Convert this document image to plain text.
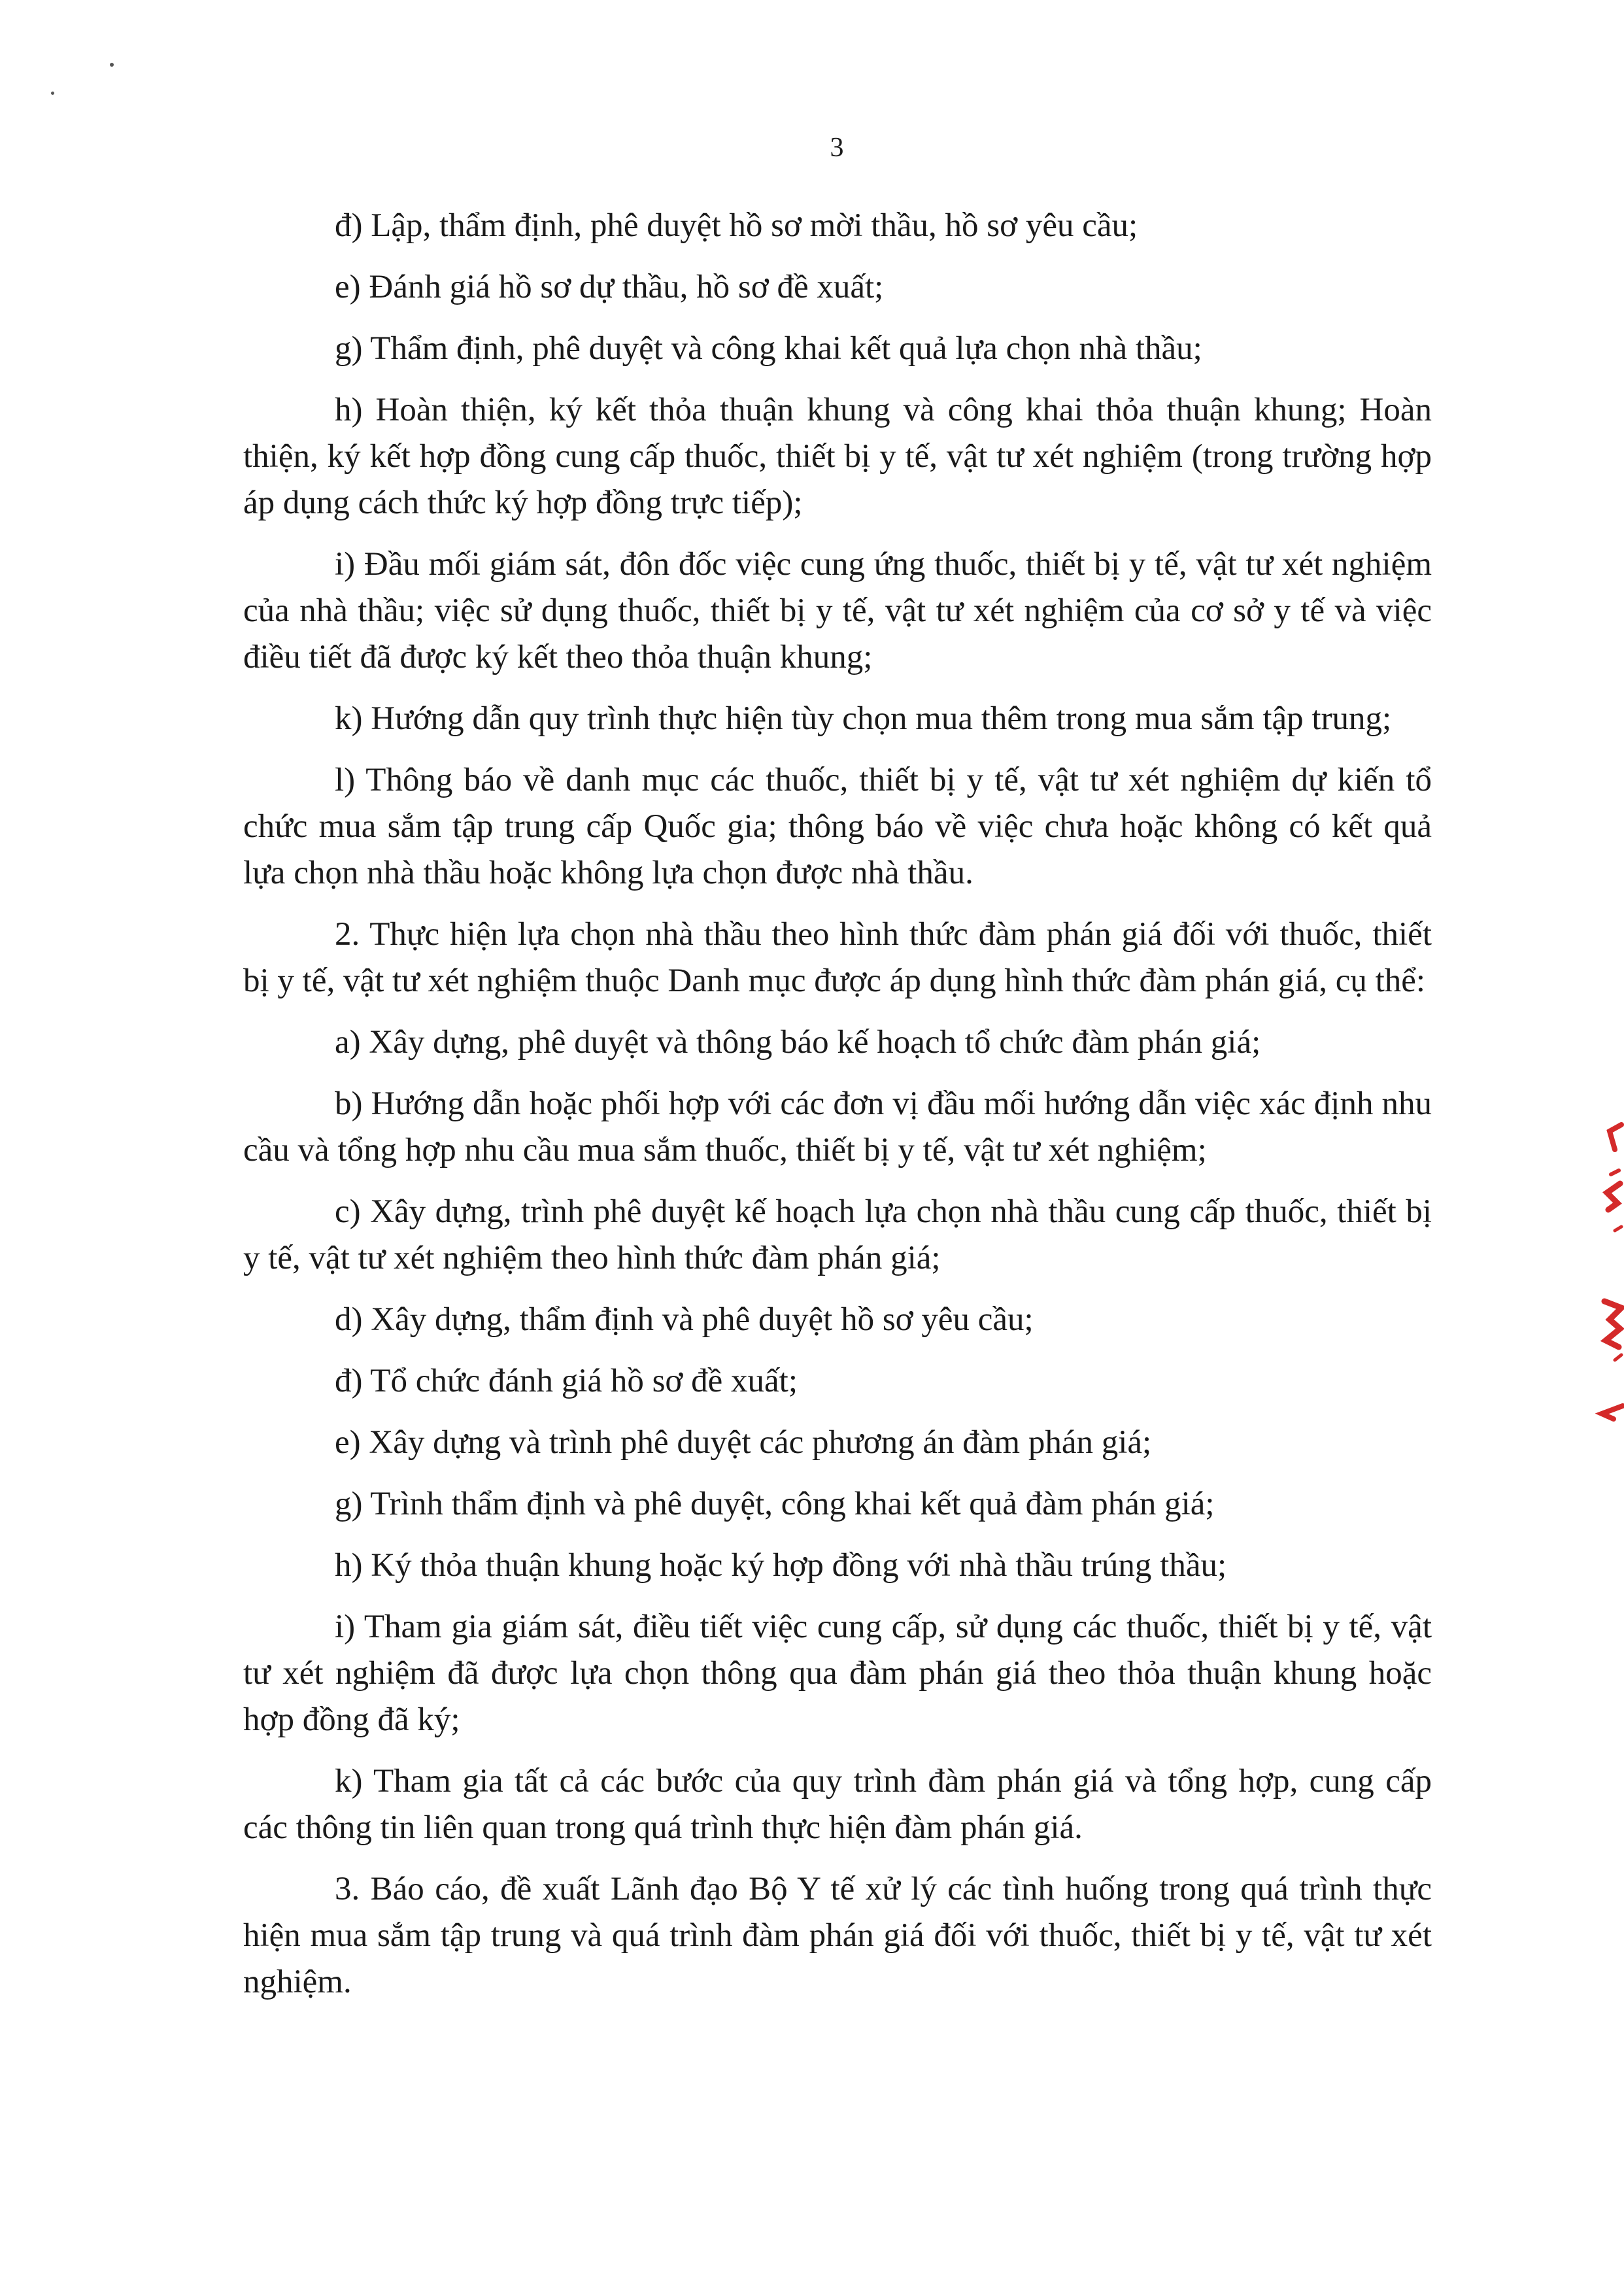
3

đ) Lập, thẩm định, phê duyệt hồ sơ mời thầu, hồ sơ yêu cầu;

e) Đánh giá hồ sơ dự thầu, hồ sơ đề xuất;

g) Thẩm định, phê duyệt và công khai kết quả lựa chọn nhà thầu;

h) Hoàn thiện, ký kết thỏa thuận khung và công khai thỏa thuận khung; Hoàn thiện, ký kết hợp đồng cung cấp thuốc, thiết bị y tế, vật tư xét nghiệm (trong trường hợp áp dụng cách thức ký hợp đồng trực tiếp);

i) Đầu mối giám sát, đôn đốc việc cung ứng thuốc, thiết bị y tế, vật tư xét nghiệm của nhà thầu; việc sử dụng thuốc, thiết bị y tế, vật tư xét nghiệm của cơ sở y tế và việc điều tiết đã được ký kết theo thỏa thuận khung;

k) Hướng dẫn quy trình thực hiện tùy chọn mua thêm trong mua sắm tập trung;

l) Thông báo về danh mục các thuốc, thiết bị y tế, vật tư xét nghiệm dự kiến tổ chức mua sắm tập trung cấp Quốc gia; thông báo về việc chưa hoặc không có kết quả lựa chọn nhà thầu hoặc không lựa chọn được nhà thầu.

2. Thực hiện lựa chọn nhà thầu theo hình thức đàm phán giá đối với thuốc, thiết bị y tế, vật tư xét nghiệm thuộc Danh mục được áp dụng hình thức đàm phán giá, cụ thể:

a) Xây dựng, phê duyệt và thông báo kế hoạch tổ chức đàm phán giá;

b) Hướng dẫn hoặc phối hợp với các đơn vị đầu mối hướng dẫn việc xác định nhu cầu và tổng hợp nhu cầu mua sắm thuốc, thiết bị y tế, vật tư xét nghiệm;

c) Xây dựng, trình phê duyệt kế hoạch lựa chọn nhà thầu cung cấp thuốc, thiết bị y tế, vật tư xét nghiệm theo hình thức đàm phán giá;

d) Xây dựng, thẩm định và phê duyệt hồ sơ yêu cầu;

đ) Tổ chức đánh giá hồ sơ đề xuất;

e) Xây dựng và trình phê duyệt các phương án đàm phán giá;

g) Trình thẩm định và phê duyệt, công khai kết quả đàm phán giá;

h) Ký thỏa thuận khung hoặc ký hợp đồng với nhà thầu trúng thầu;

i) Tham gia giám sát, điều tiết việc cung cấp, sử dụng các thuốc, thiết bị y tế, vật tư xét nghiệm đã được lựa chọn thông qua đàm phán giá theo thỏa thuận khung hoặc hợp đồng đã ký;

k) Tham gia tất cả các bước của quy trình đàm phán giá và tổng hợp, cung cấp các thông tin liên quan trong quá trình thực hiện đàm phán giá.

3. Báo cáo, đề xuất Lãnh đạo Bộ Y tế xử lý các tình huống trong quá trình thực hiện mua sắm tập trung và quá trình đàm phán giá đối với thuốc, thiết bị y tế, vật tư xét nghiệm.
